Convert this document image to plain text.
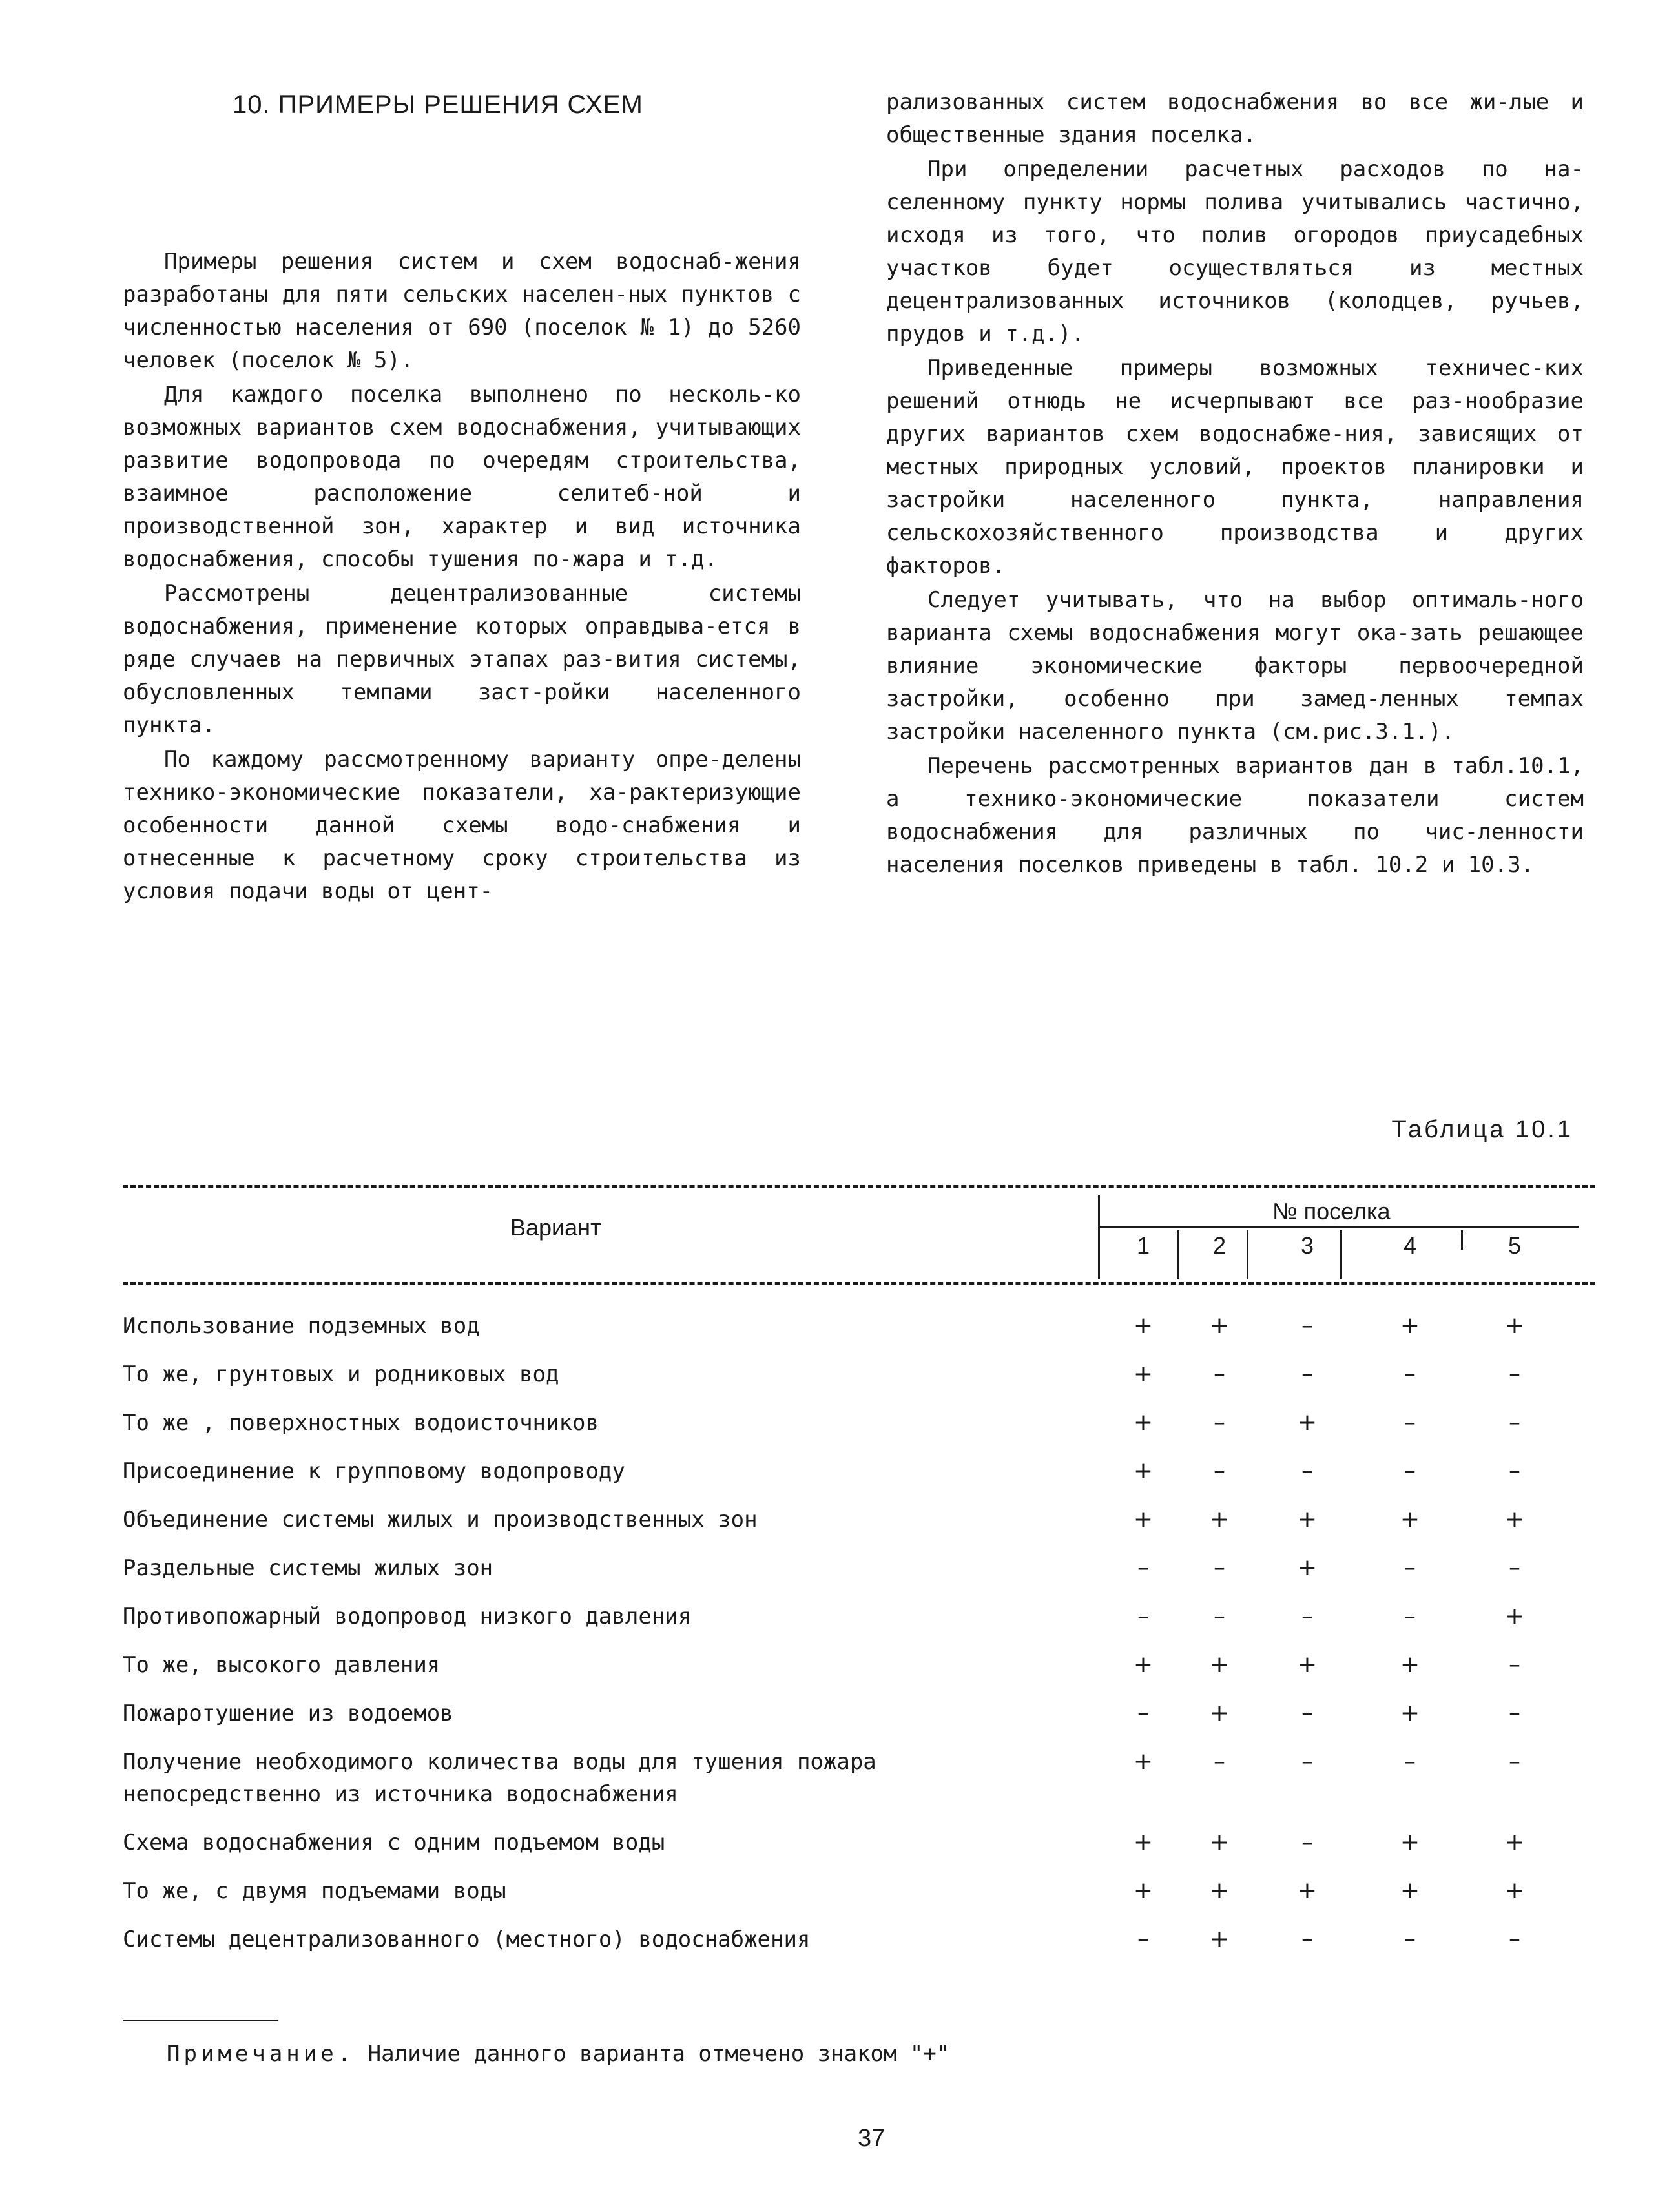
10. ПРИМЕРЫ РЕШЕНИЯ СХЕМ

Примеры решения систем и схем водоснаб-жения разработаны для пяти сельских населен-ных пунктов с численностью населения от 690 (поселок № 1) до 5260 человек (поселок № 5).

Для каждого поселка выполнено по несколь-ко возможных вариантов схем водоснабжения, учитывающих развитие водопровода по очередям строительства, взаимное расположение селитеб-ной и производственной зон, характер и вид источника водоснабжения, способы тушения по-жара и т.д.

Рассмотрены децентрализованные системы водоснабжения, применение которых оправдыва-ется в ряде случаев на первичных этапах раз-вития системы, обусловленных темпами заст-ройки населенного пункта.

По каждому рассмотренному варианту опре-делены технико-экономические показатели, ха-рактеризующие особенности данной схемы водо-снабжения и отнесенные к расчетному сроку строительства из условия подачи воды от цент-

рализованных систем водоснабжения во все жи-лые и общественные здания поселка.

При определении расчетных расходов по на-селенному пункту нормы полива учитывались частично, исходя из того, что полив огородов приусадебных участков будет осуществляться из местных децентрализованных источников (колодцев, ручьев, прудов и т.д.).

Приведенные примеры возможных техничес-ких решений отнюдь не исчерпывают все раз-нообразие других вариантов схем водоснабже-ния, зависящих от местных природных условий, проектов планировки и застройки населенного пункта, направления сельскохозяйственного производства и других факторов.

Следует учитывать, что на выбор оптималь-ного варианта схемы водоснабжения могут ока-зать решающее влияние экономические факторы первоочередной застройки, особенно при замед-ленных темпах застройки населенного пункта (см.рис.3.1.).

Перечень рассмотренных вариантов дан в табл.10.1, а технико-экономические показатели систем водоснабжения для различных по чис-ленности населения поселков приведены в табл. 10.2 и 10.3.

Таблица 10.1
Вариант
№ поселка
1	2	3	4	5
Использование подземных вод	+	+	–	+	+
То же, грунтовых и родниковых вод	+	–	–	–	–
То же , поверхностных водоисточников	+	–	+	–	–
Присоединение к групповому водопроводу	+	–	–	–	–
Объединение системы жилых и производственных зон	+	+	+	+	+
Раздельные системы жилых зон	–	–	+	–	–
Противопожарный водопровод низкого давления	–	–	–	–	+
То же, высокого давления	+	+	+	+	–
Пожаротушение из водоемов	–	+	–	+	–
Получение необходимого количества воды для тушения пожара непосредственно из источника водоснабжения
+	–	–	–	–
Схема водоснабжения с одним подъемом воды	+	+	–	+	+
То же, с двумя подъемами воды	+	+	+	+	+
Системы децентрализованного (местного) водоснабжения	–	+	–	–	–
Примечание. Наличие данного варианта отмечено знаком "+"
37
